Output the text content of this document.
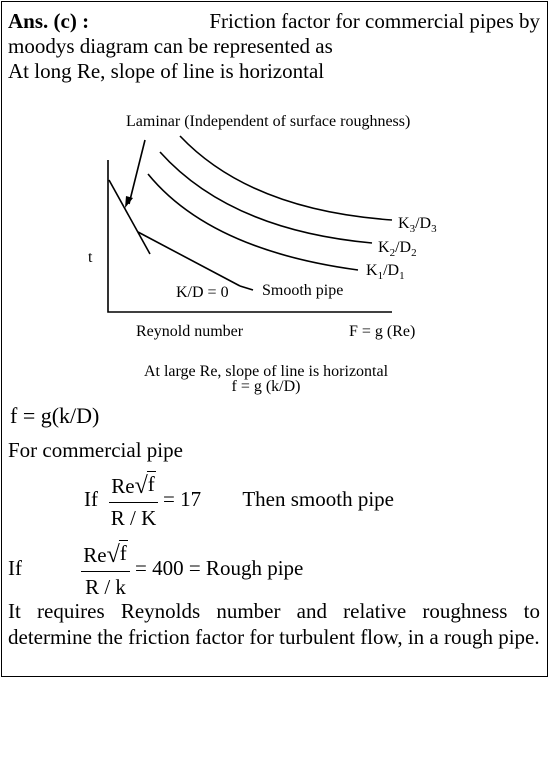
Ans. (c) :	Friction factor for commercial pipes by
moodys diagram can be represented as
At long Re, slope of line is horizontal
Laminar (Independent of surface roughness)
t
K/D = 0 Smooth pipe
Reynold number	F = g (Re)
$K_3/D_3$
$K_2/D_2$
$K_1/D_1$
At large Re, slope of line is horizontal
f = g (k/D)
f = g(k/D)
For commercial pipe
If $\frac{Re √ f}{R / K} = 17$ Then smooth pipe
If	$\frac{Re √ f}{R / k} = 400$ = Rough pipe
It requires Reynolds number and relative roughness to determine the friction factor for turbulent flow, in a rough pipe.
